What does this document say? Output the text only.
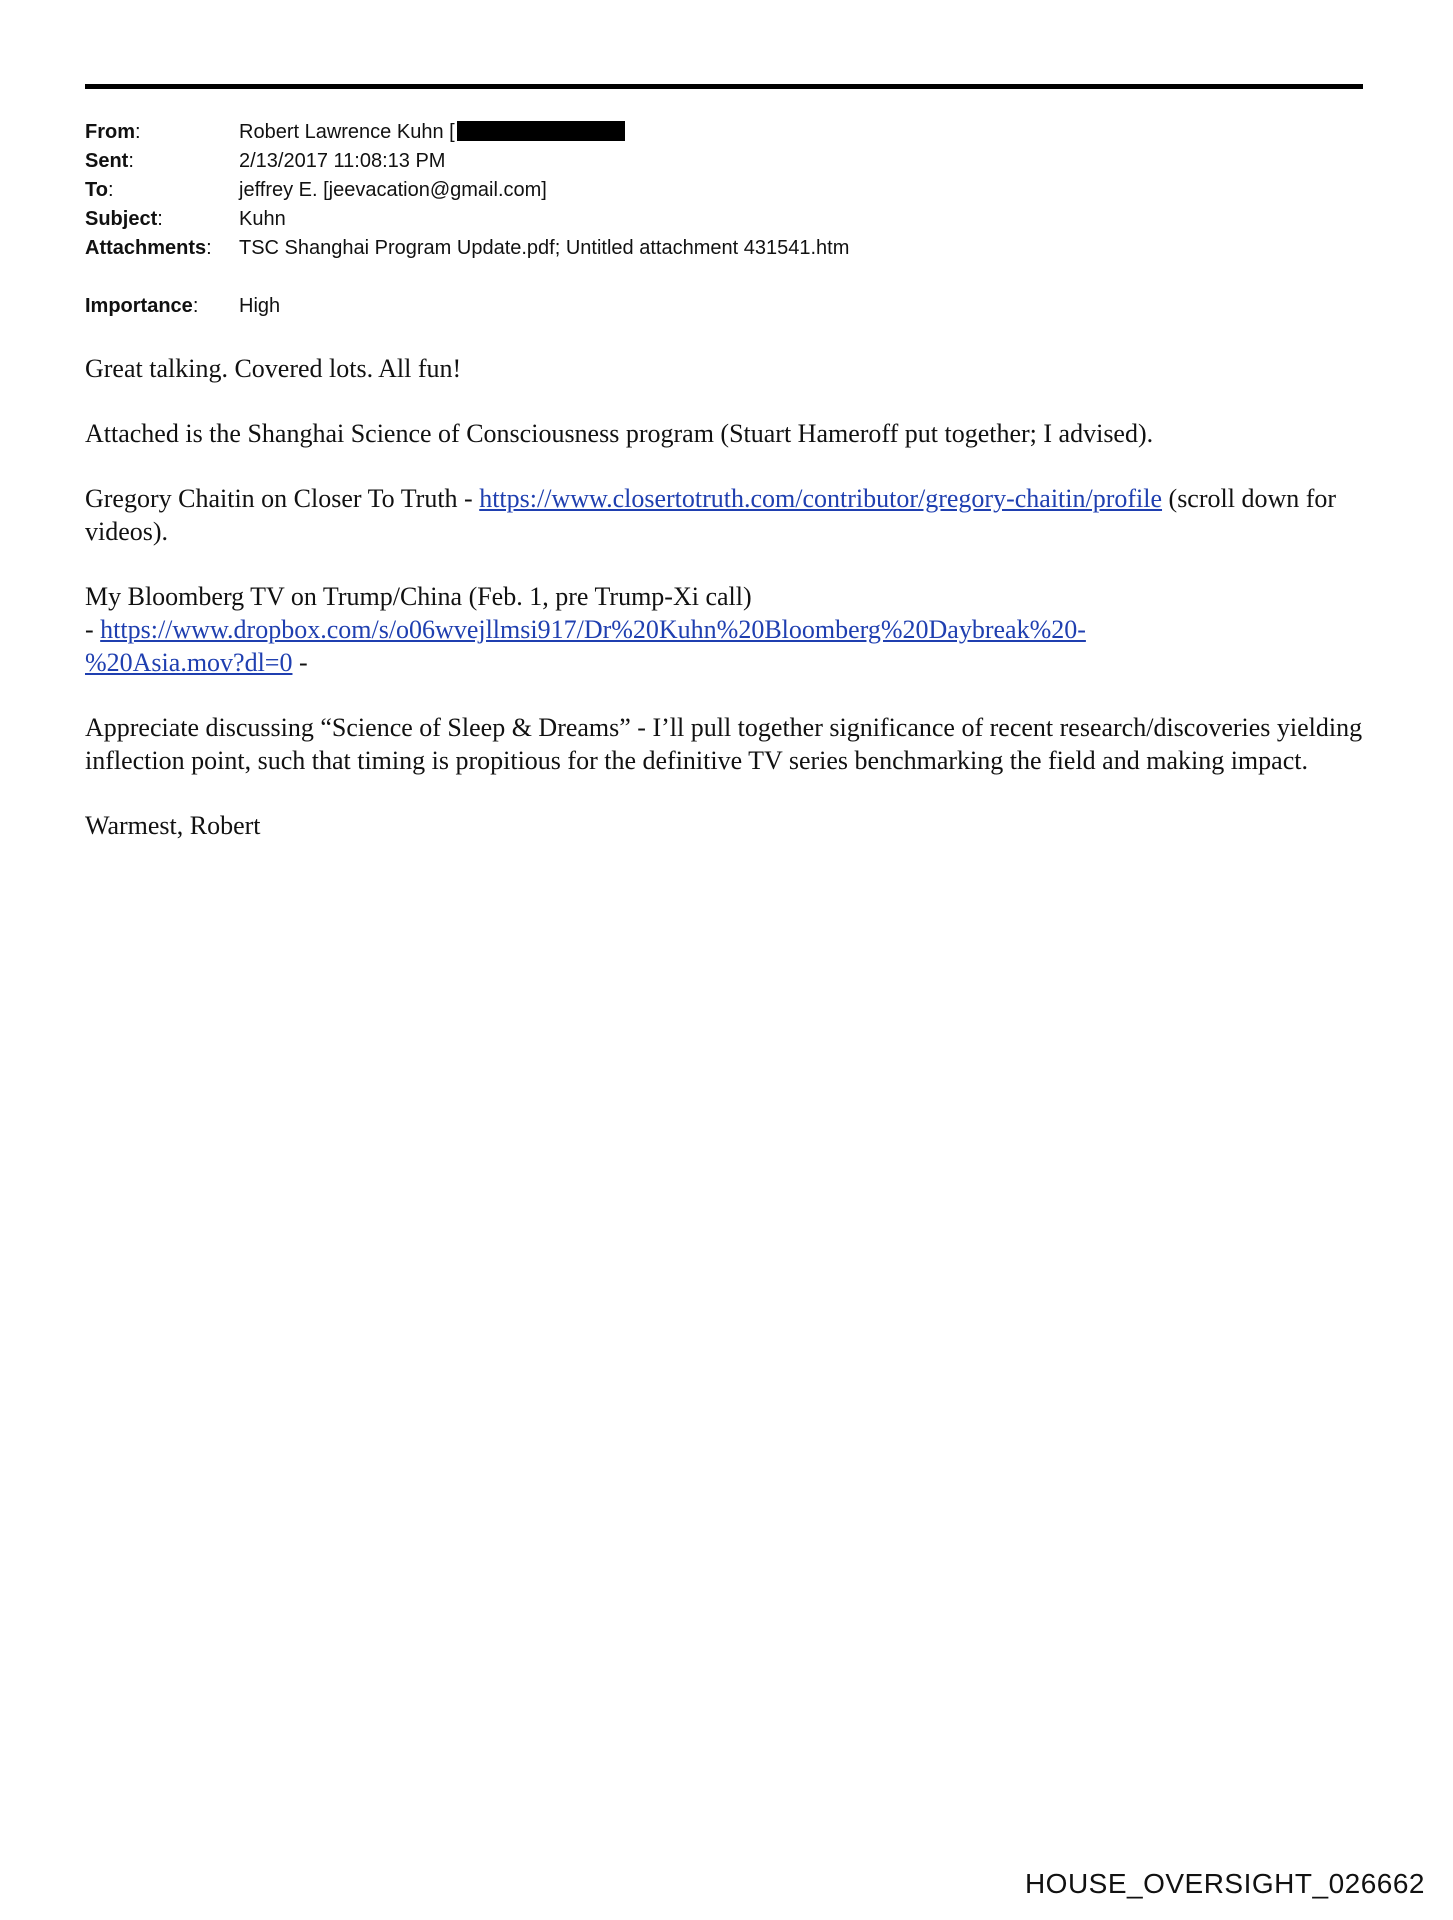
From:	Robert Lawrence Kuhn [
Sent:	2/13/2017 11:08:13 PM
To:	jeffrey E. [jeevacation@gmail.com]
Subject:	Kuhn
Attachments:	TSC Shanghai Program Update.pdf; Untitled attachment 431541.htm
Importance:	High

Great talking. Covered lots. All fun!

Attached is the Shanghai Science of Consciousness program (Stuart Hameroff put together; I advised).

Gregory Chaitin on Closer To Truth - https://www.closertotruth.com/contributor/gregory-chaitin/profile (scroll down for videos).

My Bloomberg TV on Trump/China (Feb. 1, pre Trump-Xi call)
- https://www.dropbox.com/s/o06wvejllmsi917/Dr%20Kuhn%20Bloomberg%20Daybreak%20-
%20Asia.mov?dl=0 -

Appreciate discussing “Science of Sleep & Dreams” - I’ll pull together significance of recent research/discoveries yielding inflection point, such that timing is propitious for the definitive TV series benchmarking the field and making impact.

Warmest, Robert

HOUSE_OVERSIGHT_026662
